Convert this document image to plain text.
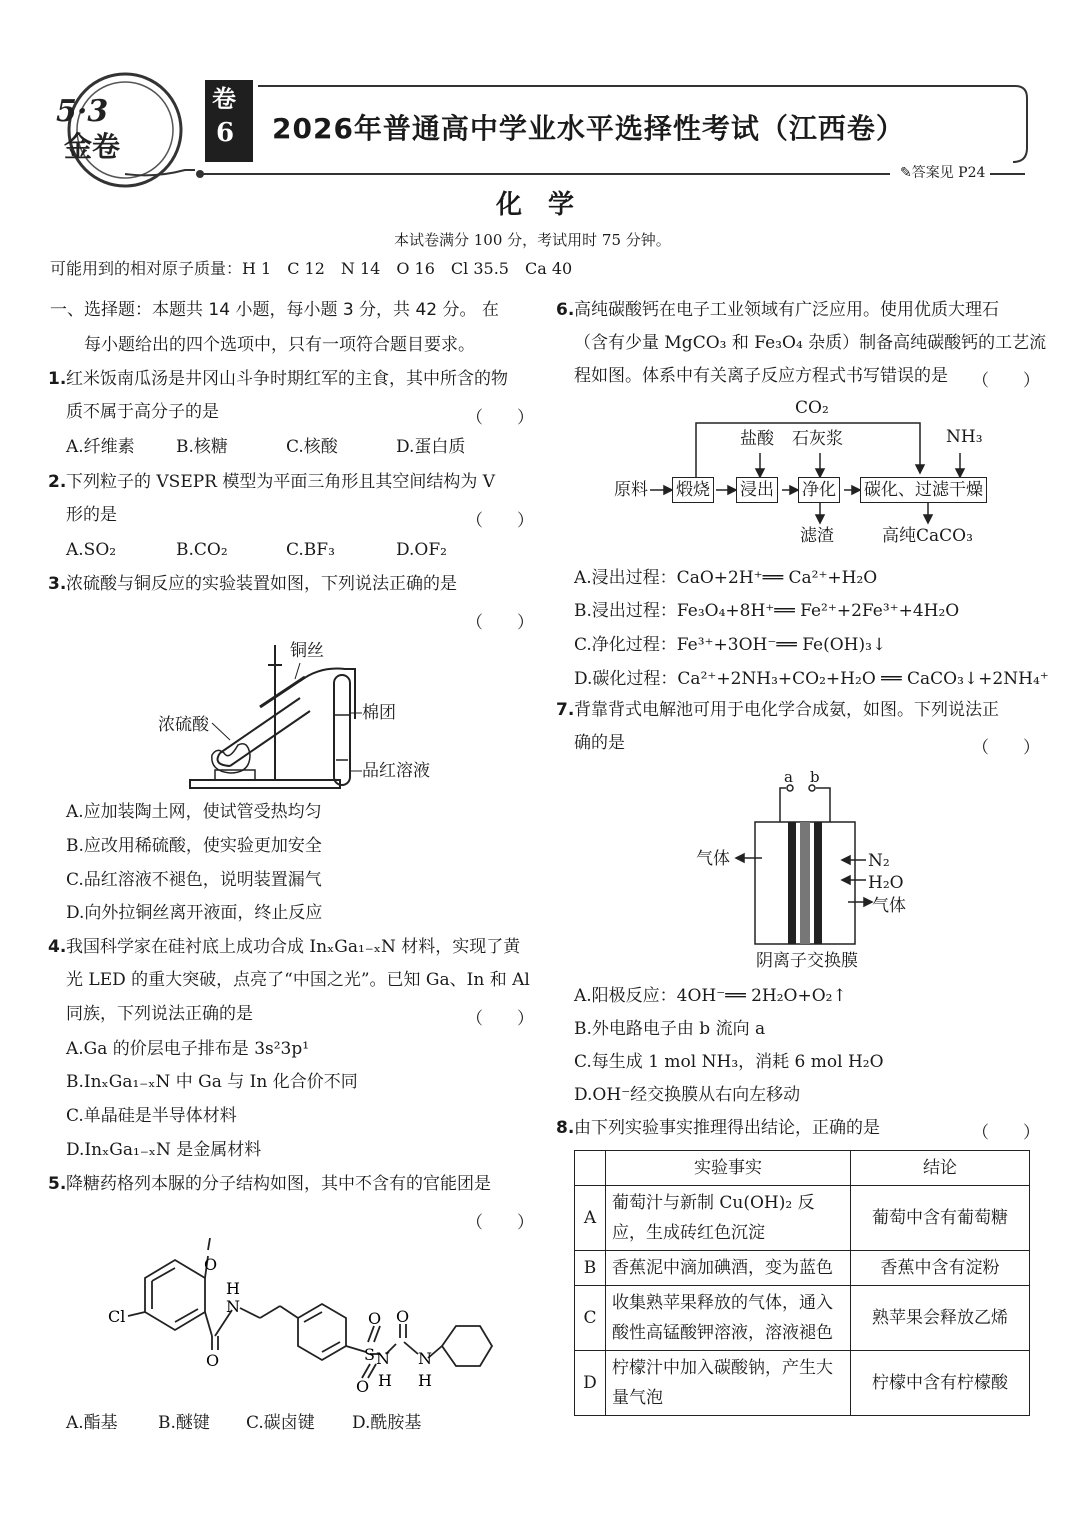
5·3
金卷
卷
6 2026年普通高中学业水平选择性考试（江西卷）
✎答案见 P24
化　学
本试卷满分 100 分，考试用时 75 分钟。
可能用到的相对原子质量：H 1　C 12　N 14　O 16　Cl 35.5　Ca 40
一、选择题：本题共 14 小题，每小题 3 分，共 42 分。 在
每小题给出的四个选项中，只有一项符合题目要求。
1. 红米饭南瓜汤是井冈山斗争时期红军的主食，其中所含的物
质不属于高分子的是	（　　）
A.纤维素 B.核糖	C.核酸	D.蛋白质
2. 下列粒子的 VSEPR 模型为平面三角形且其空间结构为 V
形的是	（　　）
A.SO₂	B.CO₂	C.BF₃	D.OF₂
3. 浓硫酸与铜反应的实验装置如图，下列说法正确的是
（　　）
铜丝
浓硫酸
棉团
品红溶液
A.应加装陶土网，使试管受热均匀
B.应改用稀硫酸，使实验更加安全
C.品红溶液不褪色，说明装置漏气
D.向外拉铜丝离开液面，终止反应
4. 我国科学家在硅衬底上成功合成 InₓGa₁₋ₓN 材料，实现了黄
光 LED 的重大突破，点亮了“中国之光”。已知 Ga、In 和 Al
同族，下列说法正确的是	（　　）
A.Ga 的价层电子排布是 3s²3p¹
B.InₓGa₁₋ₓN 中 Ga 与 In 化合价不同
C.单晶硅是半导体材料
D.InₓGa₁₋ₓN 是金属材料
5. 降糖药格列本脲的分子结构如图，其中不含有的官能团是
（　　）
Cl
O
O
N
H
S
O
O
N
H
O
N
H
A.酯基 B.醚键 C.碳卤键 D.酰胺基
6. 高纯碳酸钙在电子工业领域有广泛应用。使用优质大理石
（含有少量 MgCO₃ 和 Fe₃O₄ 杂质）制备高纯碳酸钙的工艺流
程如图。体系中有关离子反应方程式书写错误的是 （　　）
CO₂
盐酸 石灰浆	NH₃
原料 煅烧 浸出 净化 碳化、过滤干燥
滤渣	高纯CaCO₃
A.浸出过程：CaO+2H⁺══ Ca²⁺+H₂O
B.浸出过程：Fe₃O₄+8H⁺══ Fe²⁺+2Fe³⁺+4H₂O
C.净化过程：Fe³⁺+3OH⁻══ Fe(OH)₃↓
D.碳化过程：Ca²⁺+2NH₃+CO₂+H₂O ══ CaCO₃↓+2NH₄⁺
7. 背靠背式电解池可用于电化学合成氨，如图。下列说法正
确的是	（　　）
a b
气体	N₂
H₂O
气体
阴离子交换膜
A.阳极反应：4OH⁻══ 2H₂O+O₂↑
B.外电路电子由 b 流向 a
C.每生成 1 mol NH₃，消耗 6 mol H₂O
D.OH⁻经交换膜从右向左移动
8. 由下列实验事实推理得出结论，正确的是	（　　）
	实验事实	结论
A	葡萄汁与新制 Cu(OH)₂ 反应，生成砖红色沉淀	葡萄中含有葡萄糖
B	香蕉泥中滴加碘酒，变为蓝色	香蕉中含有淀粉
C	收集熟苹果释放的气体，通入酸性高锰酸钾溶液，溶液褪色	熟苹果会释放乙烯
D	柠檬汁中加入碳酸钠，产生大量气泡	柠檬中含有柠檬酸
